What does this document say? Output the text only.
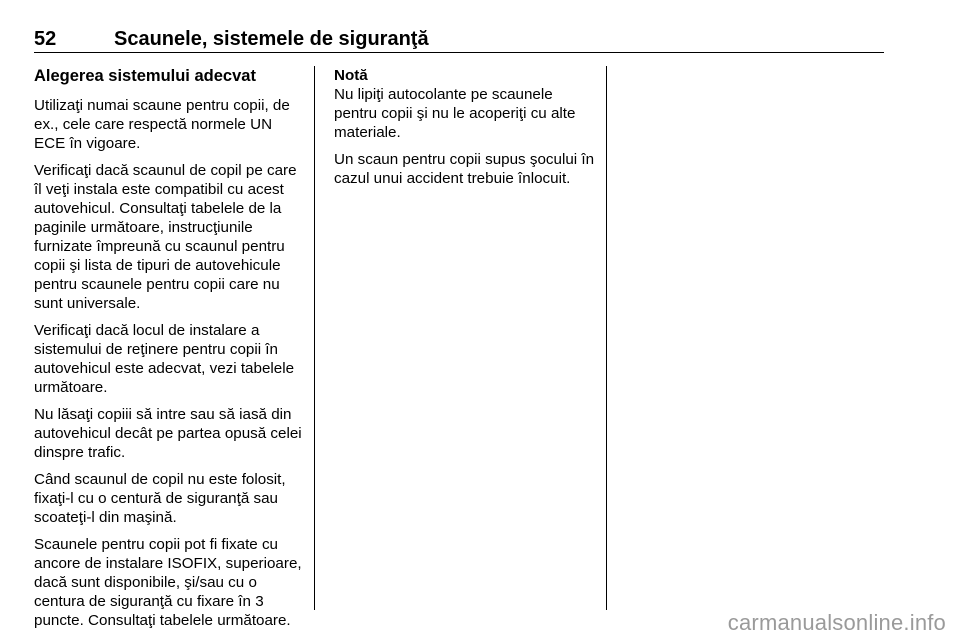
52	Scaunele, sistemele de siguranţă
Alegerea sistemului adecvat

Utilizaţi numai scaune pentru copii, de ex., cele care respectă normele UN ECE în vigoare.

Verificaţi dacă scaunul de copil pe care îl veţi instala este compatibil cu acest autovehicul. Consultaţi tabelele de la paginile următoare, instrucţiunile furnizate împreună cu scaunul pentru copii şi lista de tipuri de autovehicule pentru scaunele pentru copii care nu sunt universale.

Verificaţi dacă locul de instalare a sistemului de reţinere pentru copii în autovehicul este adecvat, vezi tabelele următoare.

Nu lăsaţi copiii să intre sau să iasă din autovehicul decât pe partea opusă celei dinspre trafic.

Când scaunul de copil nu este folosit, fixaţi-l cu o centură de siguranţă sau scoateţi-l din maşină.

Scaunele pentru copii pot fi fixate cu ancore de instalare ISOFIX, superioare, dacă sunt disponibile, şi/sau cu o centura de siguranţă cu fixare în 3 puncte. Consultaţi tabelele următoare.

Notă

Nu lipiţi autocolante pe scaunele pentru copii şi nu le acoperiţi cu alte materiale.

Un scaun pentru copii supus şocului în cazul unui accident trebuie înlocuit.

carmanualsonline.info
